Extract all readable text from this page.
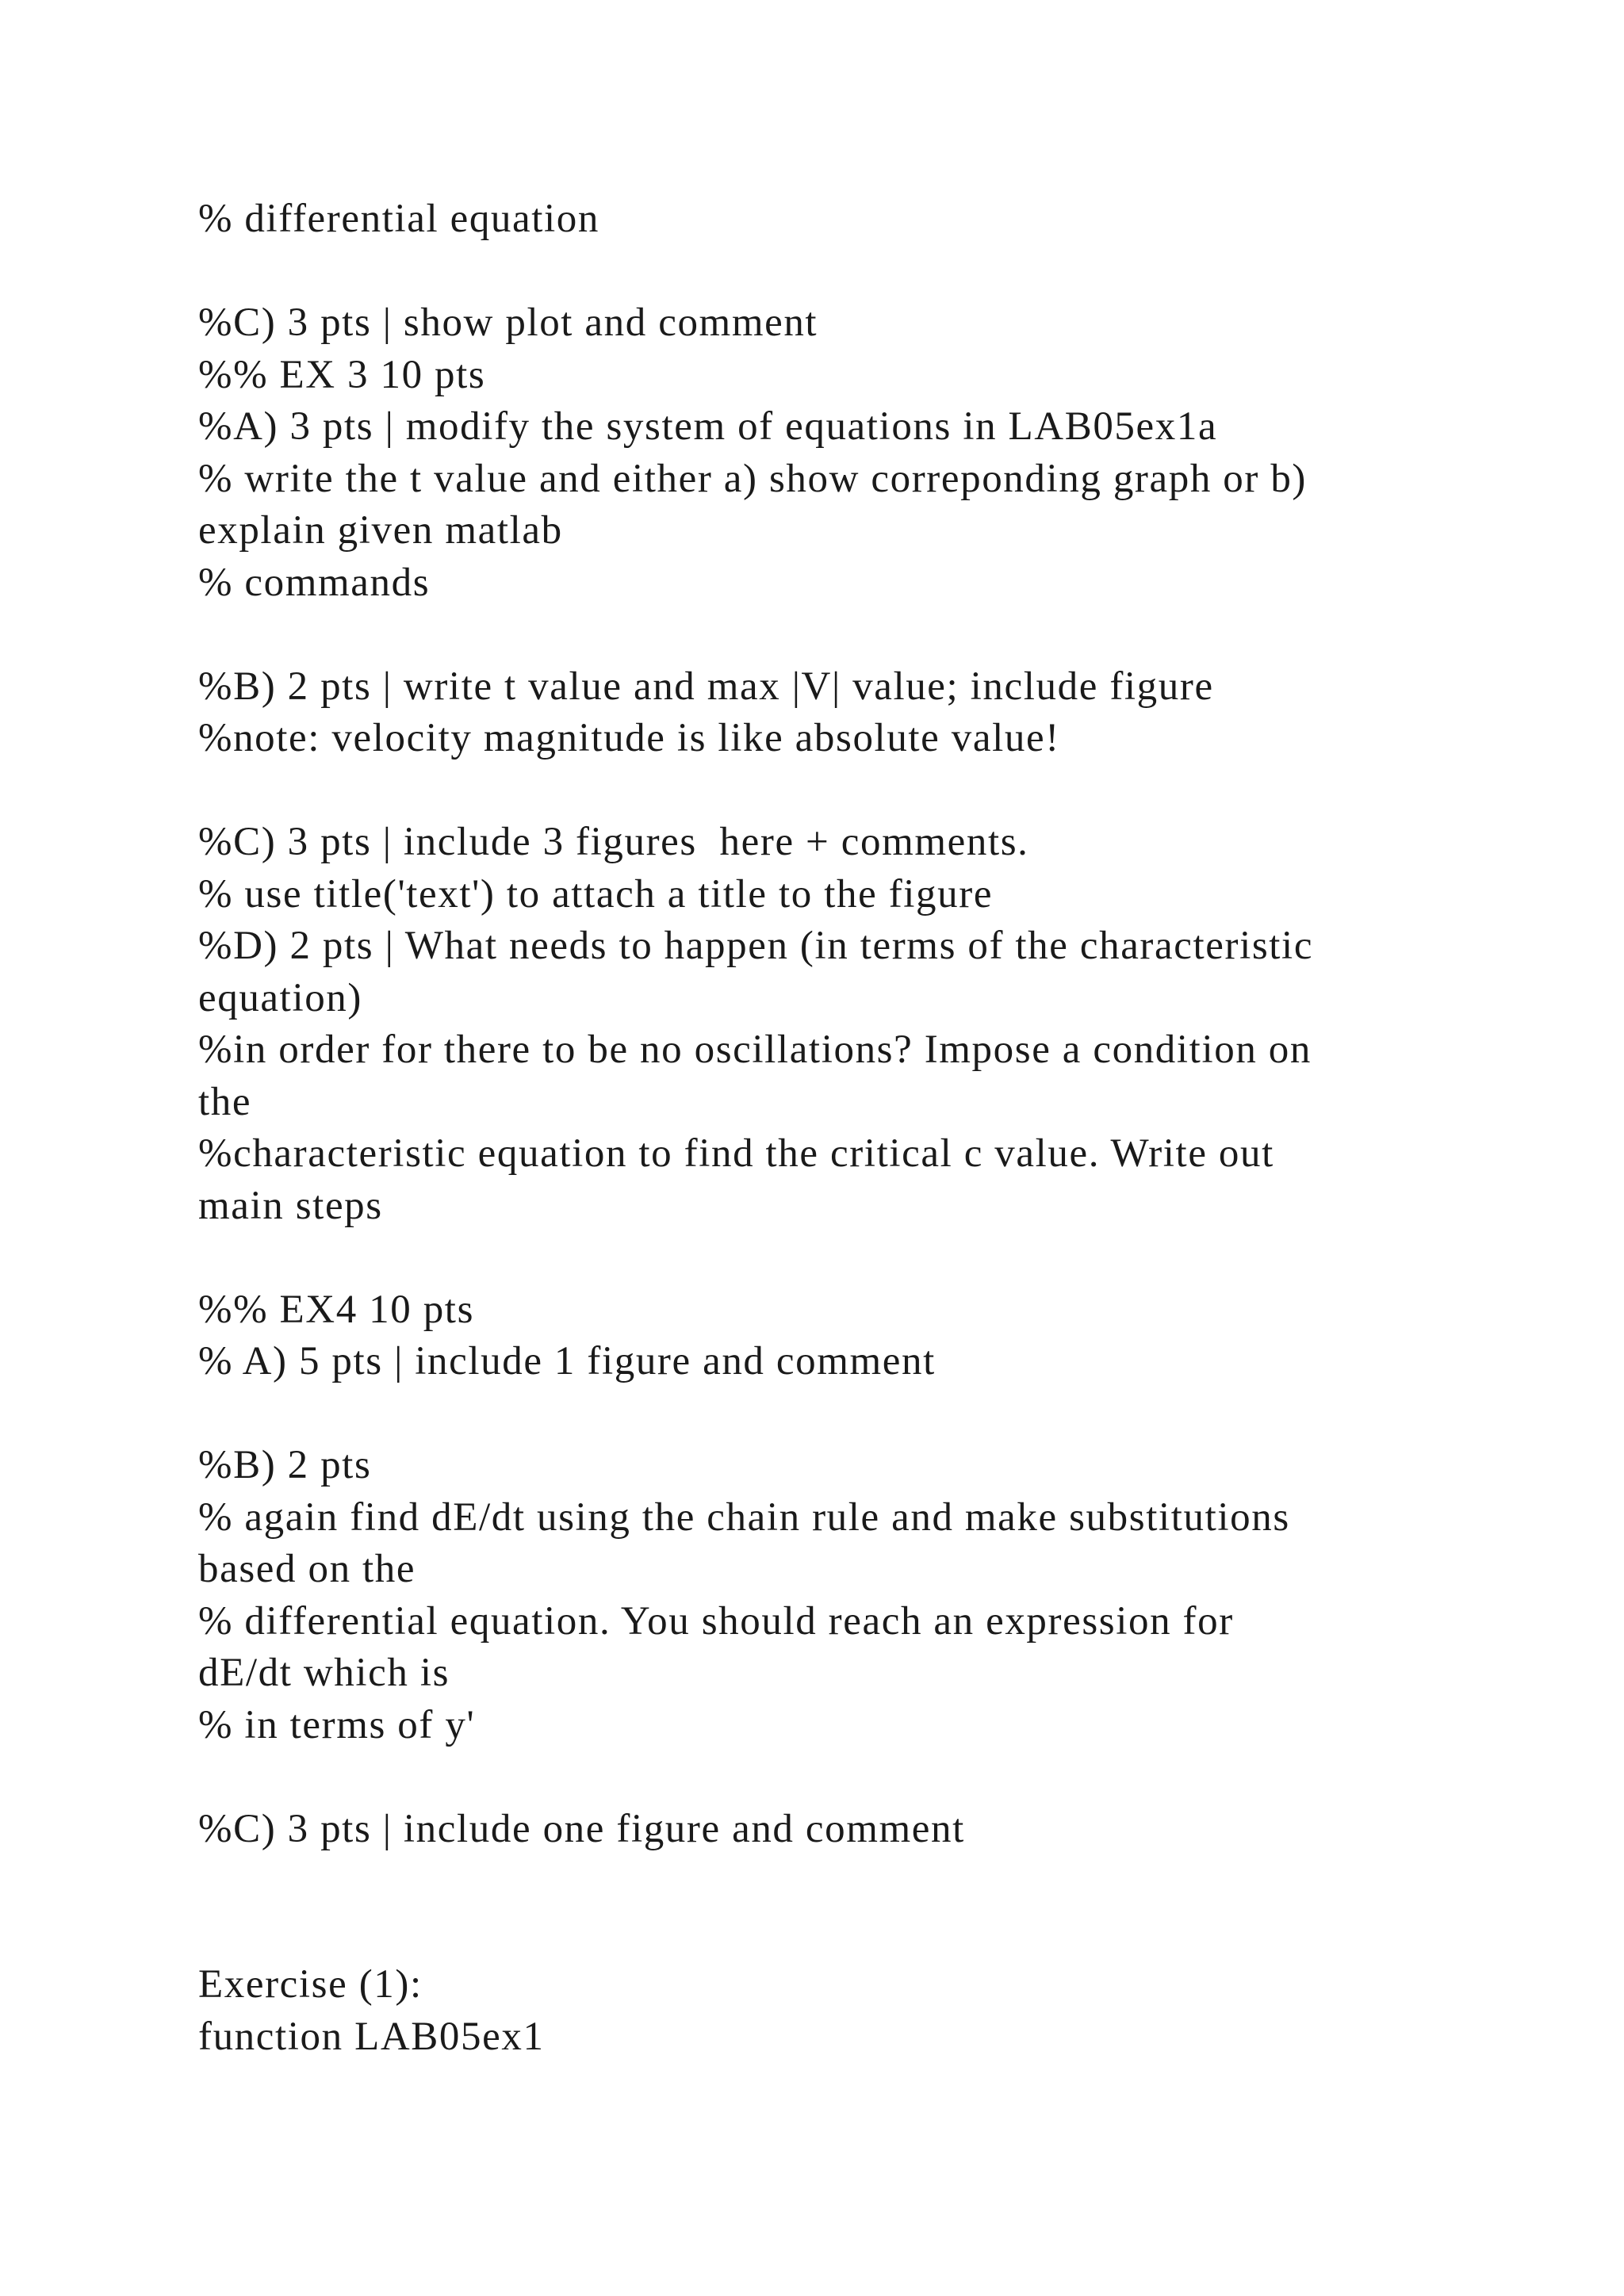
% differential equation
%C) 3 pts | show plot and comment
%% EX 3 10 pts
%A) 3 pts | modify the system of equations in LAB05ex1a
% write the t value and either a) show correponding graph or b)
explain given matlab
% commands
%B) 2 pts | write t value and max |V| value; include figure
%note: velocity magnitude is like absolute value!
%C) 3 pts | include 3 figures  here + comments.
% use title('text') to attach a title to the figure
%D) 2 pts | What needs to happen (in terms of the characteristic
equation)
%in order for there to be no oscillations? Impose a condition on
the
%characteristic equation to find the critical c value. Write out
main steps
%% EX4 10 pts
% A) 5 pts | include 1 figure and comment
%B) 2 pts
% again find dE/dt using the chain rule and make substitutions
based on the
% differential equation. You should reach an expression for
dE/dt which is
% in terms of y'
%C) 3 pts | include one figure and comment
Exercise (1):
function LAB05ex1
